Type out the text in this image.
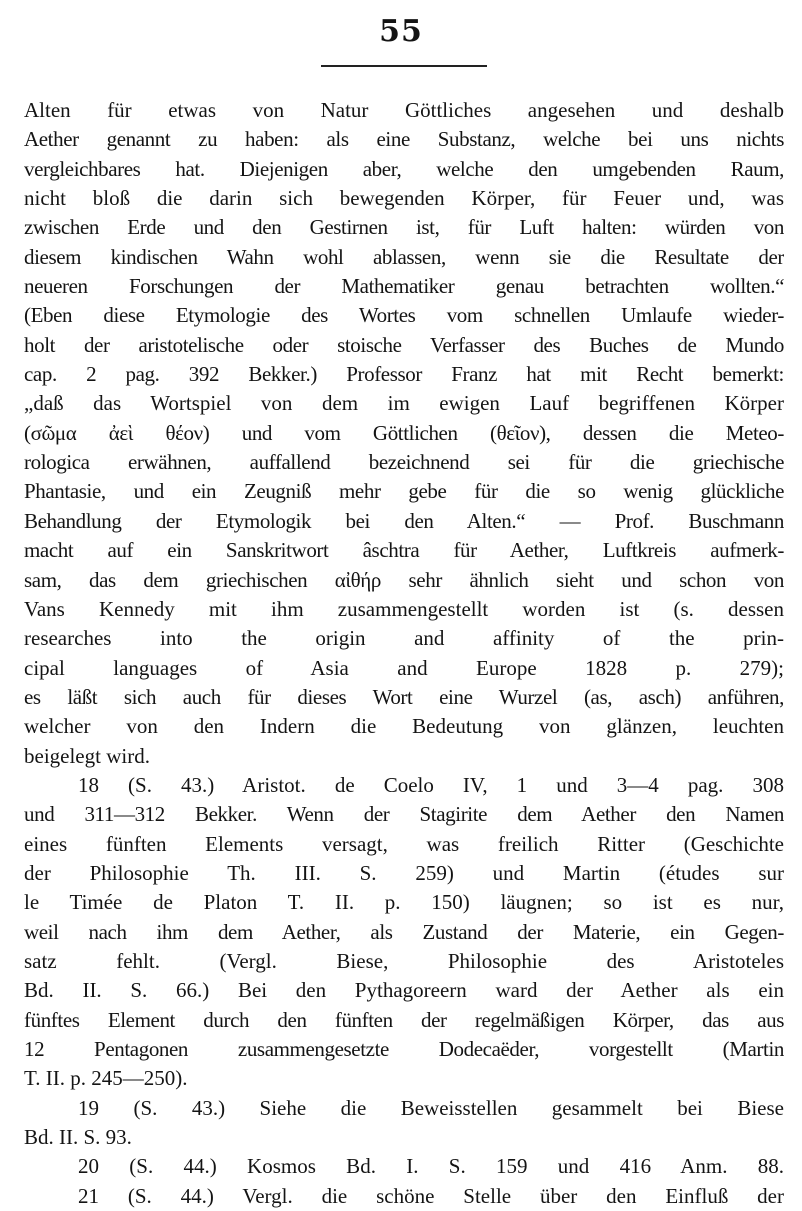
55
Alten für etwas von Natur Göttliches angesehen und deshalb
Aether genannt zu haben: als eine Substanz, welche bei uns nichts
vergleichbares hat. Diejenigen aber, welche den umgebenden Raum,
nicht bloß die darin sich bewegenden Körper, für Feuer und, was
zwischen Erde und den Gestirnen ist, für Luft halten: würden von
diesem kindischen Wahn wohl ablassen, wenn sie die Resultate der
neueren Forschungen der Mathematiker genau betrachten wollten.“
(Eben diese Etymologie des Wortes vom schnellen Umlaufe wieder-
holt der aristotelische oder stoische Verfasser des Buches de Mundo
cap. 2 pag. 392 Bekker.) Professor Franz hat mit Recht bemerkt:
„daß das Wortspiel von dem im ewigen Lauf begriffenen Körper
(σῶμα ἀεὶ θέον) und vom Göttlichen (θεῖον), dessen die Meteo-
rologica erwähnen, auffallend bezeichnend sei für die griechische
Phantasie, und ein Zeugniß mehr gebe für die so wenig glückliche
Behandlung der Etymologik bei den Alten.“ — Prof. Buschmann
macht auf ein Sanskritwort âschtra für Aether, Luftkreis aufmerk-
sam, das dem griechischen αἰθήρ sehr ähnlich sieht und schon von
Vans Kennedy mit ihm zusammengestellt worden ist (s. dessen
researches into the origin and affinity of the prin-
cipal languages of Asia and Europe 1828 p. 279);
es läßt sich auch für dieses Wort eine Wurzel (as, asch) anführen,
welcher von den Indern die Bedeutung von glänzen, leuchten
beigelegt wird.
18 (S. 43.) Aristot. de Coelo IV, 1 und 3—4 pag. 308
und 311—312 Bekker. Wenn der Stagirite dem Aether den Namen
eines fünften Elements versagt, was freilich Ritter (Geschichte
der Philosophie Th. III. S. 259) und Martin (études sur
le Timée de Platon T. II. p. 150) läugnen; so ist es nur,
weil nach ihm dem Aether, als Zustand der Materie, ein Gegen-
satz fehlt. (Vergl. Biese, Philosophie des Aristoteles
Bd. II. S. 66.) Bei den Pythagoreern ward der Aether als ein
fünftes Element durch den fünften der regelmäßigen Körper, das aus
12 Pentagonen zusammengesetzte Dodecaëder, vorgestellt (Martin
T. II. p. 245—250).
19 (S. 43.) Siehe die Beweisstellen gesammelt bei Biese
Bd. II. S. 93.
20 (S. 44.) Kosmos Bd. I. S. 159 und 416 Anm. 88.
21 (S. 44.) Vergl. die schöne Stelle über den Einfluß der
